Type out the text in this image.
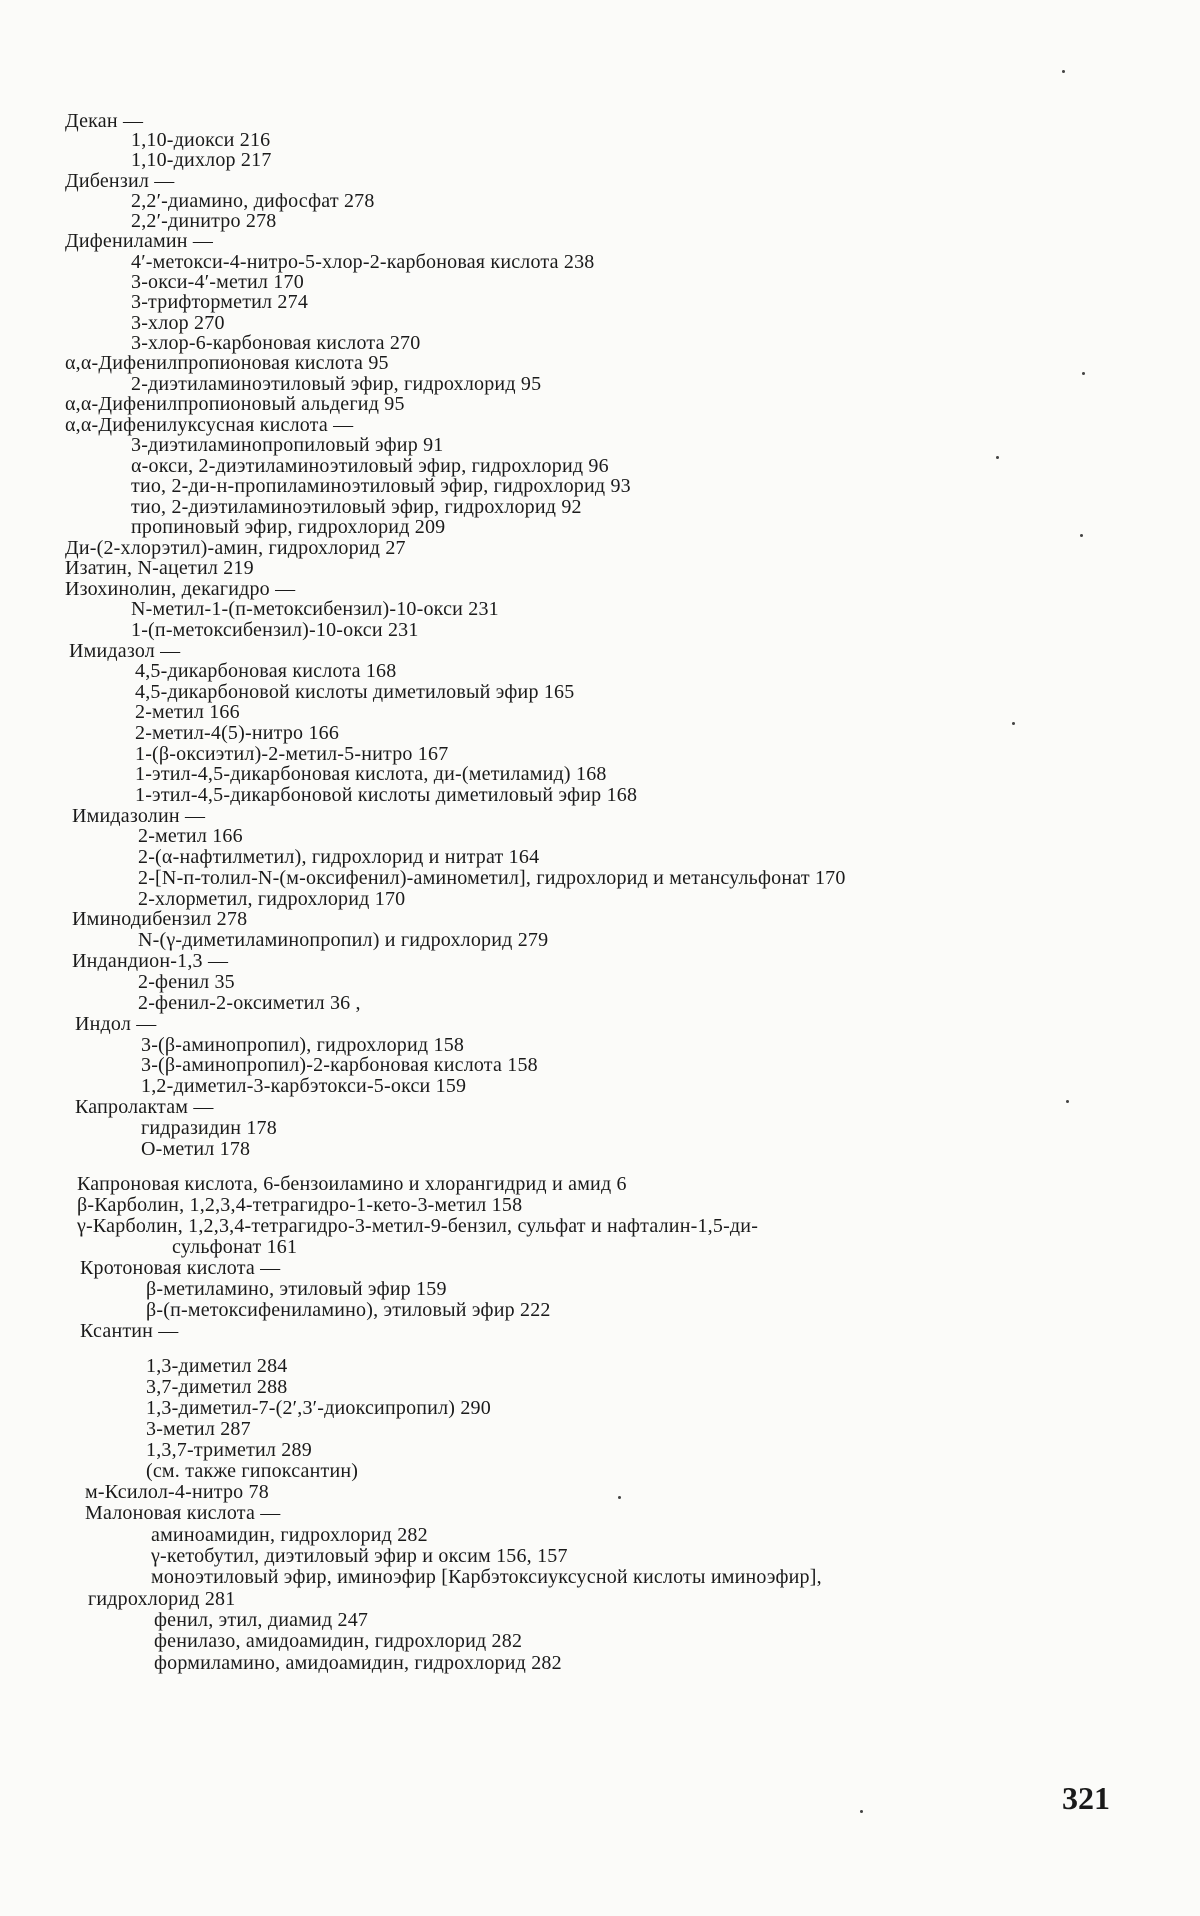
Декан —
1,10-диокси 216
1,10-дихлор 217
Дибензил —
2,2′-диамино, дифосфат 278
2,2′-динитро 278
Дифениламин —
4′-метокси-4-нитро-5-хлор-2-карбоновая кислота 238
3-окси-4′-метил 170
3-трифторметил 274
3-хлор 270
3-хлор-6-карбоновая кислота 270
α,α-Дифенилпропионовая кислота 95
2-диэтиламиноэтиловый эфир, гидрохлорид 95
α,α-Дифенилпропионовый альдегид 95
α,α-Дифенилуксусная кислота —
3-диэтиламинопропиловый эфир 91
α-окси, 2-диэтиламиноэтиловый эфир, гидрохлорид 96
тио, 2-ди-н-пропиламиноэтиловый эфир, гидрохлорид 93
тио, 2-диэтиламиноэтиловый эфир, гидрохлорид 92
пропиновый эфир, гидрохлорид 209
Ди-(2-хлорэтил)-амин, гидрохлорид 27
Изатин, N-ацетил 219
Изохинолин, декагидро —
N-метил-1-(п-метоксибензил)-10-окси 231
1-(п-метоксибензил)-10-окси 231
Имидазол —
4,5-дикарбоновая кислота 168
4,5-дикарбоновой кислоты диметиловый эфир 165
2-метил 166
2-метил-4(5)-нитро 166
1-(β-оксиэтил)-2-метил-5-нитро 167
1-этил-4,5-дикарбоновая кислота, ди-(метиламид) 168
1-этил-4,5-дикарбоновой кислоты диметиловый эфир 168
Имидазолин —
2-метил 166
2-(α-нафтилметил), гидрохлорид и нитрат 164
2-[N-п-толил-N-(м-оксифенил)-аминометил], гидрохлорид и метансульфонат 170
2-хлорметил, гидрохлорид 170
Иминодибензил 278
N-(γ-диметиламинопропил) и гидрохлорид 279
Индандион-1,3 —
2-фенил 35
2-фенил-2-оксиметил 36 ,
Индол —
3-(β-аминопропил), гидрохлорид 158
3-(β-аминопропил)-2-карбоновая кислота 158
1,2-диметил-3-карбэтокси-5-окси 159
Капролактам —
гидразидин 178
О-метил 178
Капроновая кислота, 6-бензоиламино и хлорангидрид и амид 6
β-Карболин, 1,2,3,4-тетрагидро-1-кето-3-метил 158
γ-Карболин, 1,2,3,4-тетрагидро-3-метил-9-бензил, сульфат и нафталин-1,5-ди-
сульфонат 161
Кротоновая кислота —
β-метиламино, этиловый эфир 159
β-(п-метоксифениламино), этиловый эфир 222
Ксантин —
1,3-диметил 284
3,7-диметил 288
1,3-диметил-7-(2′,3′-диоксипропил) 290
3-метил 287
1,3,7-триметил 289
(см. также гипоксантин)
м-Ксилол-4-нитро 78
Малоновая кислота —
аминоамидин, гидрохлорид 282
γ-кетобутил, диэтиловый эфир и оксим 156, 157
моноэтиловый эфир, иминоэфир [Карбэтоксиуксусной кислоты иминоэфир],
гидрохлорид 281
фенил, этил, диамид 247
фенилазо, амидоамидин, гидрохлорид 282
формиламино, амидоамидин, гидрохлорид 282
321
